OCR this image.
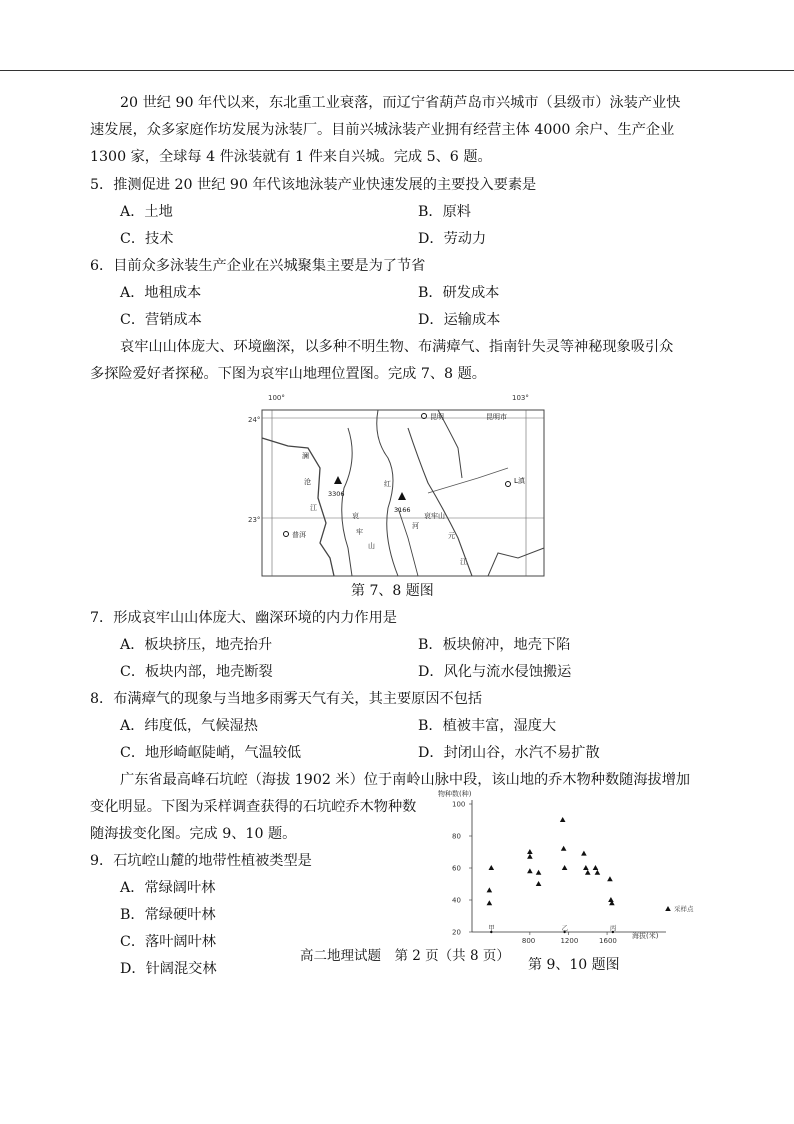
20 世纪 90 年代以来，东北重工业衰落，而辽宁省葫芦岛市兴城市（县级市）泳装产业快
速发展，众多家庭作坊发展为泳装厂。目前兴城泳装产业拥有经营主体 4000 余户、生产企业
1300 家，全球每 4 件泳装就有 1 件来自兴城。完成 5、6 题。
5．推测促进 20 世纪 90 年代该地泳装产业快速发展的主要投入要素是
A．土地	B．原料
C．技术	D．劳动力
6．目前众多泳装生产企业在兴城聚集主要是为了节省
A．地租成本	B．研发成本
C．营销成本	D．运输成本
哀牢山山体庞大、环境幽深，以多种不明生物、布满瘴气、指南针失灵等神秘现象吸引众
多探险爱好者探秘。下图为哀牢山地理位置图。完成 7、8 题。
100°	103°
24°
23°
3306
3166
昆明	昆明市
普洱
L滇
哀牢山
澜
沧
江
元
江
红
河
山
哀
牢
第 7、8 题图
7．形成哀牢山山体庞大、幽深环境的内力作用是
A．板块挤压，地壳抬升	B．板块俯冲，地壳下陷
C．板块内部，地壳断裂	D．风化与流水侵蚀搬运
8．布满瘴气的现象与当地多雨雾天气有关，其主要原因不包括
A．纬度低，气候湿热	B．植被丰富，湿度大
C．地形崎岖陡峭，气温较低	D．封闭山谷，水汽不易扩散
广东省最高峰石坑崆（海拔 1902 米）位于南岭山脉中段，该山地的乔木物种数随海拔增加
变化明显。下图为采样调查获得的石坑崆乔木物种数
随海拔变化图。完成 9、10 题。
9．石坑崆山麓的地带性植被类型是
A．常绿阔叶林
B．常绿硬叶林
C．落叶阔叶林
D．针阔混交林
物种数(种)
海拔(米)
采样点
20
40
60
80
100
800	1200	1600
甲	乙	丙
第 9、10 题图
高二地理试题　第 2 页（共 8 页）
